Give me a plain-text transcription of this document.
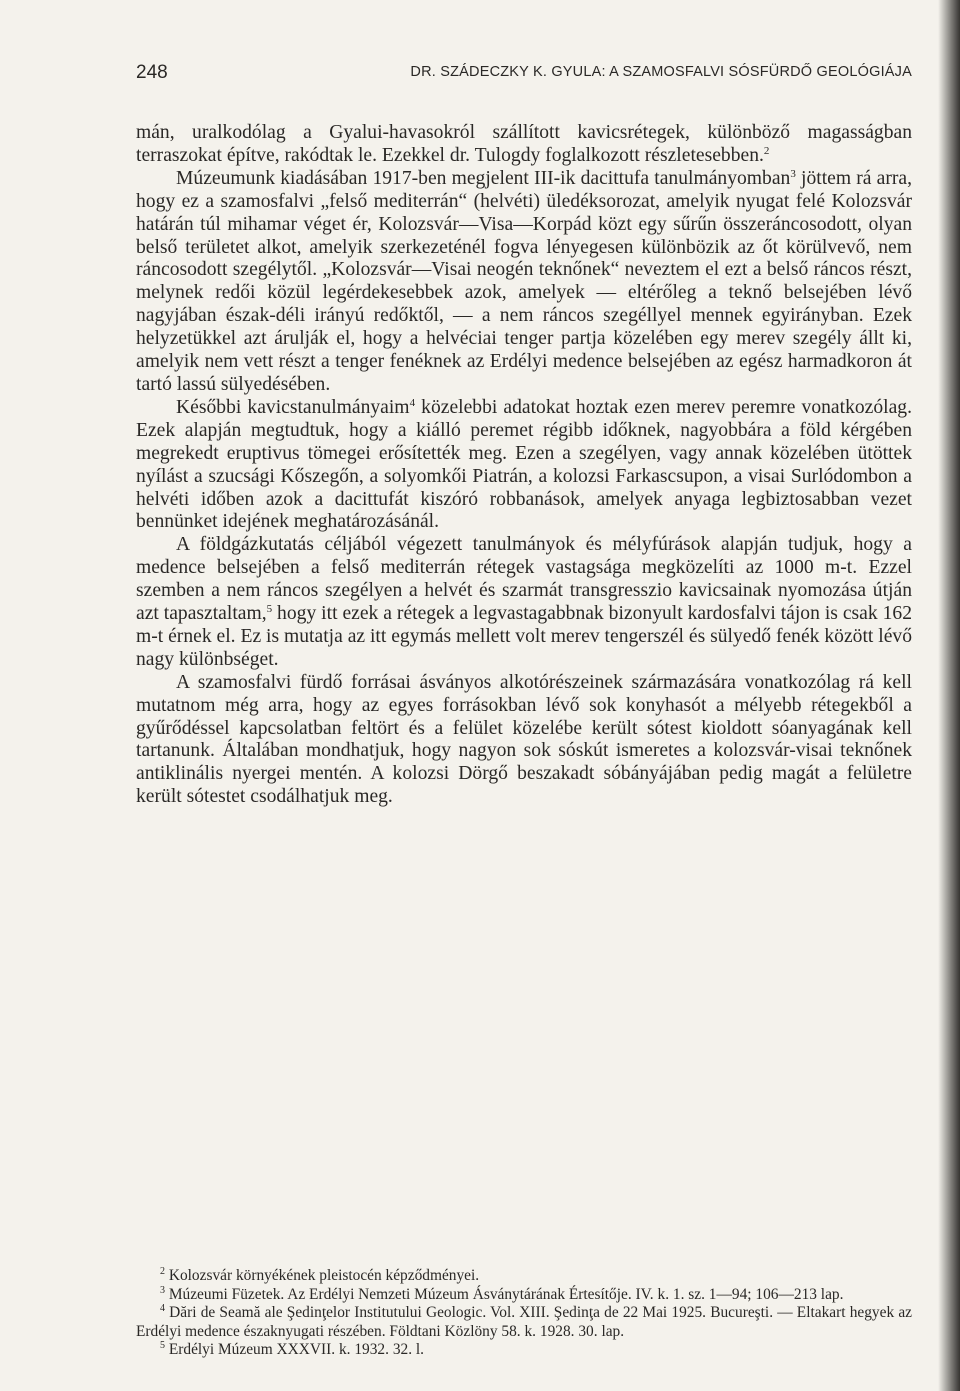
248	DR. SZÁDECZKY K. GYULA: A SZAMOSFALVI SÓSFÜRDŐ GEOLÓGIÁJA

mán, uralkodólag a Gyalui-havasokról szállított kavicsrétegek, különböző magasságban terraszokat építve, rakódtak le. Ezekkel dr. Tulogdy foglalkozott részletesebben.$^2$

Múzeumunk kiadásában 1917-ben megjelent III-ik dacittufa tanulmányomban$^3$ jöttem rá arra, hogy ez a szamosfalvi „felső mediterrán“ (helvéti) üledéksorozat, amelyik nyugat felé Kolozsvár határán túl mihamar véget ér, Kolozsvár—Visa—Korpád közt egy sűrűn összeráncosodott, olyan belső területet alkot, amelyik szerkezeténél fogva lényegesen különbözik az őt körülvevő, nem ráncosodott szegélytől. „Kolozsvár—Visai neogén teknőnek“ neveztem el ezt a belső ráncos részt, melynek redői közül legérdekesebbek azok, amelyek — eltérőleg a teknő belsejében lévő nagyjában észak-déli irányú redőktől, — a nem ráncos szegéllyel mennek egyirányban. Ezek helyzetükkel azt árulják el, hogy a helvéciai tenger partja közelében egy merev szegély állt ki, amelyik nem vett részt a tenger fenéknek az Erdélyi medence belsejében az egész harmadkoron át tartó lassú sülyedésében.

Későbbi kavicstanulmányaim$^4$ közelebbi adatokat hoztak ezen merev peremre vonatkozólag. Ezek alapján megtudtuk, hogy a kiálló peremet régibb időknek, nagyobbára a föld kérgében megrekedt eruptivus tömegei erősítették meg. Ezen a szegélyen, vagy annak közelében ütöttek nyílást a szucsági Kőszegőn, a solyomkői Piatrán, a kolozsi Farkascsupon, a visai Surlódombon a helvéti időben azok a dacittufát kiszóró robbanások, amelyek anyaga legbiztosabban vezet bennünket idejének meghatározásánál.

A földgázkutatás céljából végezett tanulmányok és mélyfúrások alapján tudjuk, hogy a medence belsejében a felső mediterrán rétegek vastagsága megközelíti az 1000 m-t. Ezzel szemben a nem ráncos szegélyen a helvét és szarmát transgresszio kavicsainak nyomozása útján azt tapasztaltam,$^5$ hogy itt ezek a rétegek a legvastagabbnak bizonyult kardosfalvi tájon is csak 162 m-t érnek el. Ez is mutatja az itt egymás mellett volt merev tengerszél és sülyedő fenék között lévő nagy különbséget.

A szamosfalvi fürdő forrásai ásványos alkotórészeinek származására vonatkozólag rá kell mutatnom még arra, hogy az egyes forrásokban lévő sok konyhasót a mélyebb rétegekből a gyűrődéssel kapcsolatban feltört és a felület közelébe került sótest kioldott sóanyagának kell tartanunk. Általában mondhatjuk, hogy nagyon sok sóskút ismeretes a kolozsvár-visai teknőnek antiklinális nyergei mentén. A kolozsi Dörgő beszakadt sóbányájában pedig magát a felületre került sótestet csodálhatjuk meg.

$^2$ Kolozsvár környékének pleistocén képződményei.

$^3$ Múzeumi Füzetek. Az Erdélyi Nemzeti Múzeum Ásványtárának Értesítője. IV. k. 1. sz. 1—94; 106—213 lap.

$^4$ Dări de Seamă ale Şedinţelor Institutului Geologic. Vol. XIII. Şedinţa de 22 Mai 1925. Bucureşti. — Eltakart hegyek az Erdélyi medence északnyugati részében. Földtani Közlöny 58. k. 1928. 30. lap.

$^5$ Erdélyi Múzeum XXXVII. k. 1932. 32. l.
